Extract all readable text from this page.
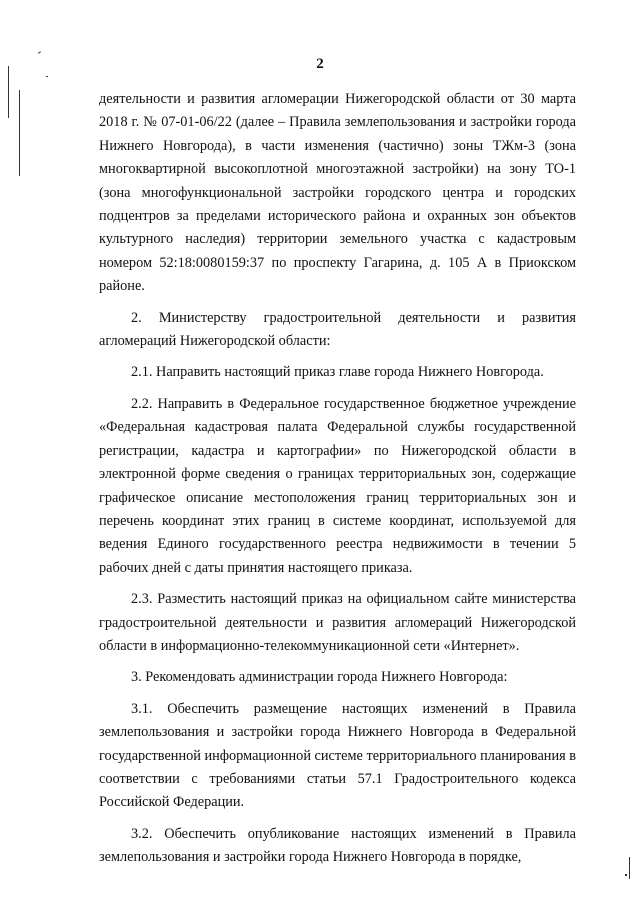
2

деятельности и развития агломерации Нижегородской области от 30 марта 2018 г. № 07-01-06/22 (далее – Правила землепользования и застройки города Нижнего Новгорода), в части изменения (частично) зоны ТЖм-3 (зона многоквартирной высокоплотной многоэтажной застройки) на зону ТО-1 (зона многофункциональной застройки городского центра и городских подцентров за пределами исторического района и охранных зон объектов культурного наследия) территории земельного участка с кадастровым номером 52:18:0080159:37 по проспекту Гагарина, д. 105 А в Приокском районе.

2. Министерству градостроительной деятельности и развития агломераций Нижегородской области:

2.1. Направить настоящий приказ главе города Нижнего Новгорода.

2.2. Направить в Федеральное государственное бюджетное учреждение «Федеральная кадастровая палата Федеральной службы государственной регистрации, кадастра и картографии» по Нижегородской области в электронной форме сведения о границах территориальных зон, содержащие графическое описание местоположения границ территориальных зон и перечень координат этих границ в системе координат, используемой для ведения Единого государственного реестра недвижимости в течении 5 рабочих дней с даты принятия настоящего приказа.

2.3. Разместить настоящий приказ на официальном сайте министерства градостроительной деятельности и развития агломераций Нижегородской области в информационно-телекоммуникационной сети «Интернет».

3. Рекомендовать администрации города Нижнего Новгорода:

3.1. Обеспечить размещение настоящих изменений в Правила землепользования и застройки города Нижнего Новгорода в Федеральной государственной информационной системе территориального планирования в соответствии с требованиями статьи 57.1 Градостроительного кодекса Российской Федерации.

3.2. Обеспечить опубликование настоящих изменений в Правила землепользования и застройки города Нижнего Новгорода в порядке,
